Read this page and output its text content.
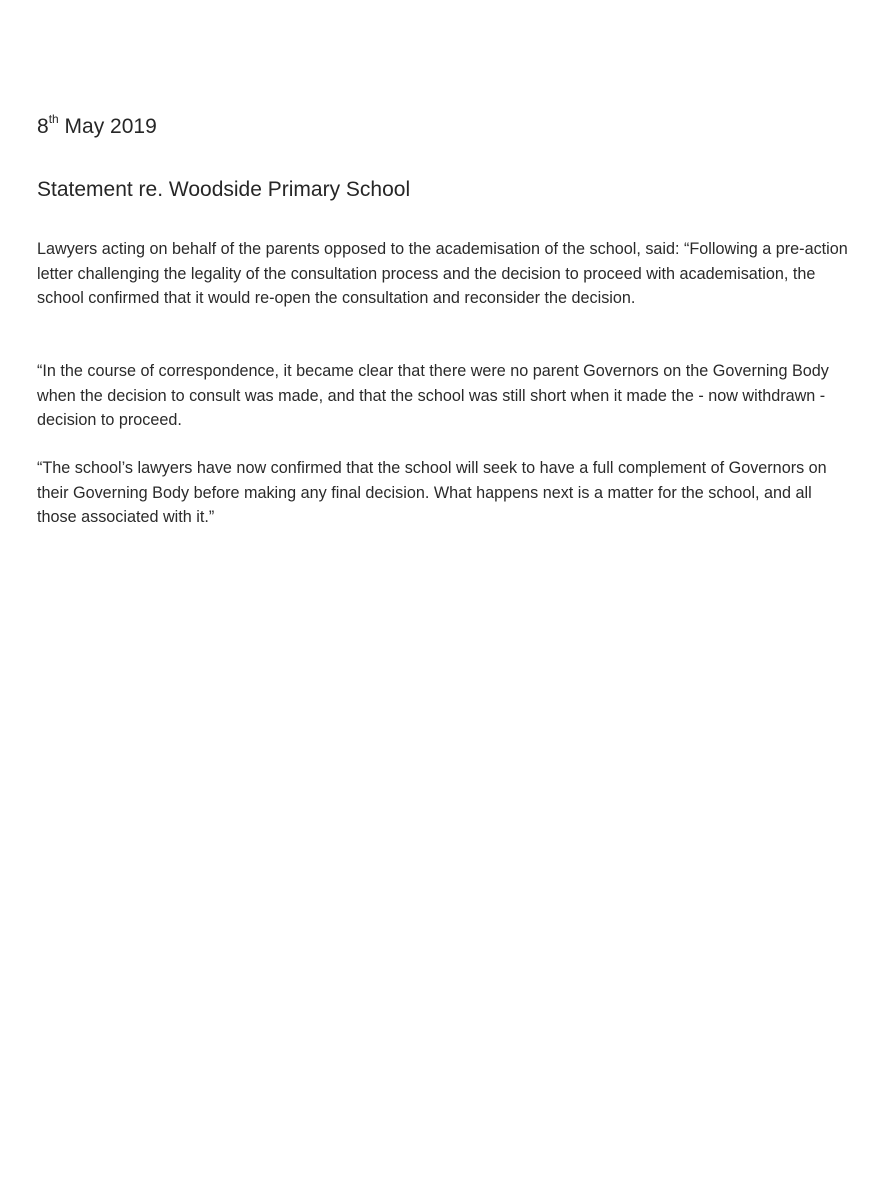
8th May 2019
Statement re. Woodside Primary School

Lawyers acting on behalf of the parents opposed to the academisation of the school, said: “Following a pre-action letter challenging the legality of the consultation process and the decision to proceed with academisation, the school confirmed that it would re-open the consultation and reconsider the decision.

“In the course of correspondence, it became clear that there were no parent Governors on the Governing Body when the decision to consult was made, and that the school was still short when it made the - now withdrawn - decision to proceed.

“The school’s lawyers have now confirmed that the school will seek to have a full complement of Governors on their Governing Body before making any final decision. What happens next is a matter for the school, and all those associated with it.”
